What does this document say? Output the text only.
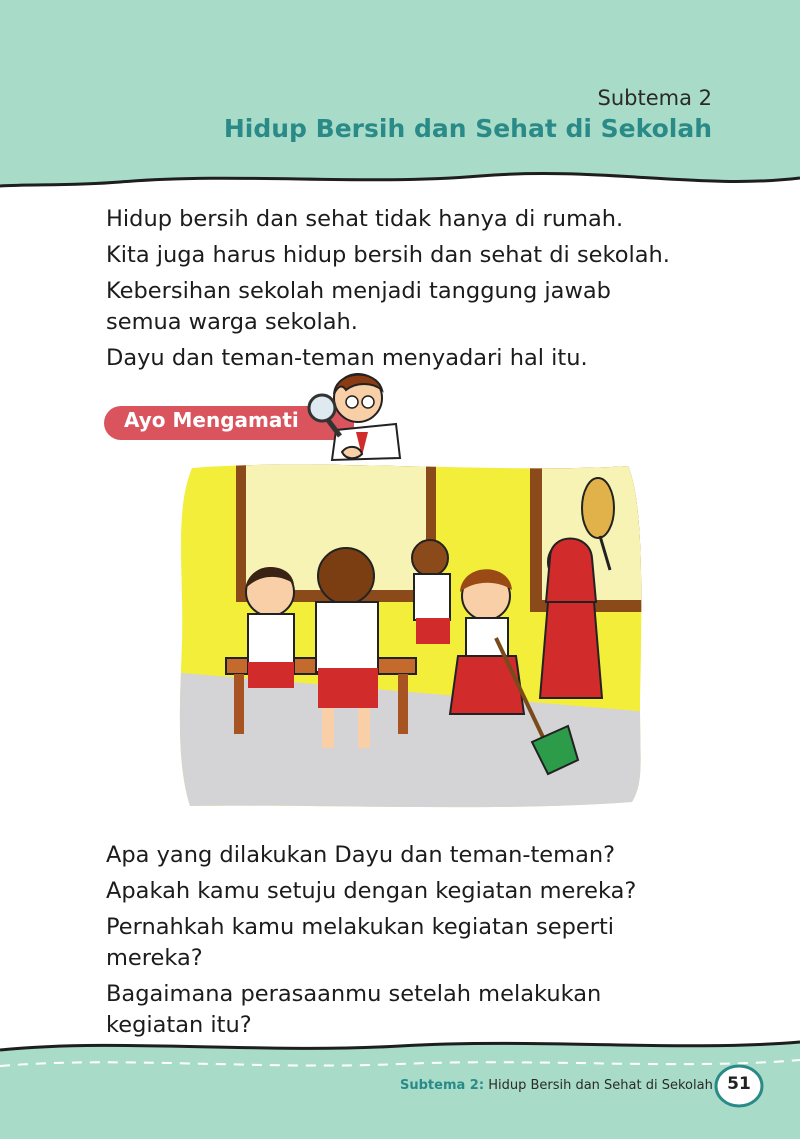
Subtema 2
Hidup Bersih dan Sehat di Sekolah

Hidup bersih dan sehat tidak hanya di rumah.

Kita juga harus hidup bersih dan sehat di sekolah.

Kebersihan sekolah menjadi tanggung jawab semua warga sekolah.

Dayu dan teman-teman menyadari hal itu.

Ayo Mengamati

Apa yang dilakukan Dayu dan teman-teman?

Apakah kamu setuju dengan kegiatan mereka?

Pernahkah kamu melakukan kegiatan seperti mereka?

Bagaimana perasaanmu setelah melakukan kegiatan itu?

Subtema 2: Hidup Bersih dan Sehat di Sekolah 51
